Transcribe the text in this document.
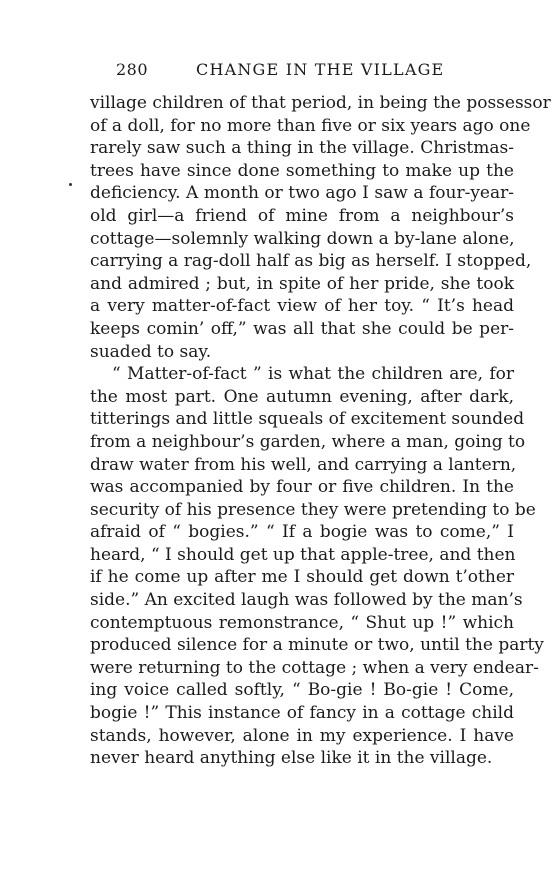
280	CHANGE IN THE VILLAGE
village children of that period, in being the possessor
of a doll, for no more than five or six years ago one
rarely saw such a thing in the village. Christmas-
trees have since done something to make up the
deficiency. A month or two ago I saw a four-year-
old girl—a friend of mine from a neighbour’s
cottage—solemnly walking down a by-lane alone,
carrying a rag-doll half as big as herself. I stopped,
and admired ; but, in spite of her pride, she took
a very matter-of-fact view of her toy. “ It’s head
keeps comin’ off,” was all that she could be per-
suaded to say.
“ Matter-of-fact ” is what the children are, for
the most part. One autumn evening, after dark,
titterings and little squeals of excitement sounded
from a neighbour’s garden, where a man, going to
draw water from his well, and carrying a lantern,
was accompanied by four or five children. In the
security of his presence they were pretending to be
afraid of “ bogies.” “ If a bogie was to come,” I
heard, “ I should get up that apple-tree, and then
if he come up after me I should get down t’other
side.” An excited laugh was followed by the man’s
contemptuous remonstrance, “ Shut up !” which
produced silence for a minute or two, until the party
were returning to the cottage ; when a very endear-
ing voice called softly, “ Bo-gie ! Bo-gie ! Come,
bogie !” This instance of fancy in a cottage child
stands, however, alone in my experience. I have
never heard anything else like it in the village.
